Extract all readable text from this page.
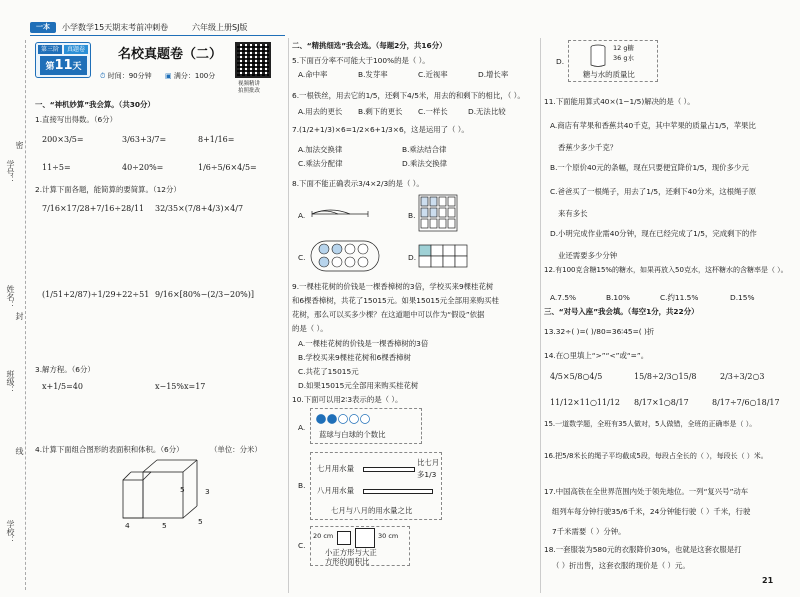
一本	小学数学15天期末考前冲刺卷	六年级上册SJ版
学校：
线
班级：
封
姓名：
学号：
密
第三阶	真题卷
第11天
名校真题卷（二）
⏱ 时间：90分钟 ▣ 满分：100分
视频精讲
拍照批改
一、“神机妙算”我会算。（共30分）
1.直接写出得数。（6分）
200×3/5=	3/63+3/7=	8+1/16=
11÷5=	40÷20%=	1/6÷5/6×4/5=
2.计算下面各题，能简算的要简算。（12分）
7/16×17/28+7/16÷28/11 32/35×(7/8+4/3)×4/7
(1/51+2/87)÷1/29+22÷51 9/16×[80%−(2/3−20%)]
3.解方程。（6分）
x+1/5=40	x−15%x=17
4.计算下面组合图形的表面积和体积。（6分）	（单位：分米）
5	3
4	5	5
二、“精挑细选”我会选。（每题2分，共16分）
5.下面百分率不可能大于100%的是（ ）。
A.命中率	B.发芽率	C.近视率	D.增长率
6.一根铁丝，用去它的1/5，还剩下4/5米，用去的和剩下的相比，（ ）。
A.用去的更长 B.剩下的更长 C.一样长	D.无法比较
7.(1/2+1/3)×6=1/2×6+1/3×6，这是运用了（ ）。
A.加法交换律	B.乘法结合律
C.乘法分配律	D.乘法交换律
8.下面不能正确表示3/4×2/3的是（ ）。
A.	B.
C.	D.
9.一棵桂花树的价钱是一棵香樟树的3倍，学校买来9棵桂花树
和6棵香樟树，共花了15015元。如果15015元全部用来购买桂
花树，那么可以买多少棵？在这道题中可以作为“假设”依据
的是（ ）。
A.一棵桂花树的价钱是一棵香樟树的3倍
B.学校买来9棵桂花树和6棵香樟树
C.共花了15015元
D.如果15015元全部用来购买桂花树
10.下面可以用2∶3表示的是（ ）。
A.
蓝球与白球的个数比
B.
七月用水量
八月用水量
比七月
多1/3
七月与八月的用水量之比
C.
20 cm	30 cm
小正方形与大正
方形的面积比
D.
12 g糖
36 g水
糖与水的质量比
11.下面能用算式40×(1−1/5)解决的是（ ）。
A.商店有苹果和香蕉共40千克，其中苹果的质量占1/5，苹果比
香蕉少多少千克？
B.一个原价40元的条幅，现在只要便宜降价1/5，现价多少元
C.爸爸买了一根绳子，用去了1/5，还剩下40分米，这根绳子原
来有多长
D.小明完成作业需40分钟，现在已经完成了1/5，完成剩下的作
业还需要多少分钟
12.有100克含糖15%的糖水，如果再放入50克水，这杯糖水的含糖率是（ ）。
A.7.5%	B.10%	C.约11.5%	D.15%
三、“对号入座”我会填。（每空1分，共22分）
13.32÷( )=( )/80=36∶45=( )折
14.在○里填上“>”“<”或“=”。
4/5×5/8○4/5	15/8÷2/3○15/8	2/3÷3/2○3
11/12×11○11/12 8/17×1○8/17	8/17÷7/6○18/17
15.一道数学题，全班有35人做对，5人做错，全班的正确率是（ ）。
16.把5/8米长的绳子平均截成5段，每段占全长的（ ），每段长（ ）米。
17.中国高铁在全世界范围内处于领先地位。一列“复兴号”动车
组列车每分钟行驶35/6千米，24分钟能行驶（ ）千米，行驶
7千米需要（ ）分钟。
18.一套服装为580元的衣服降价30%，也就是这套衣服是打
（ ）折出售，这套衣服的现价是（ ）元。
21
